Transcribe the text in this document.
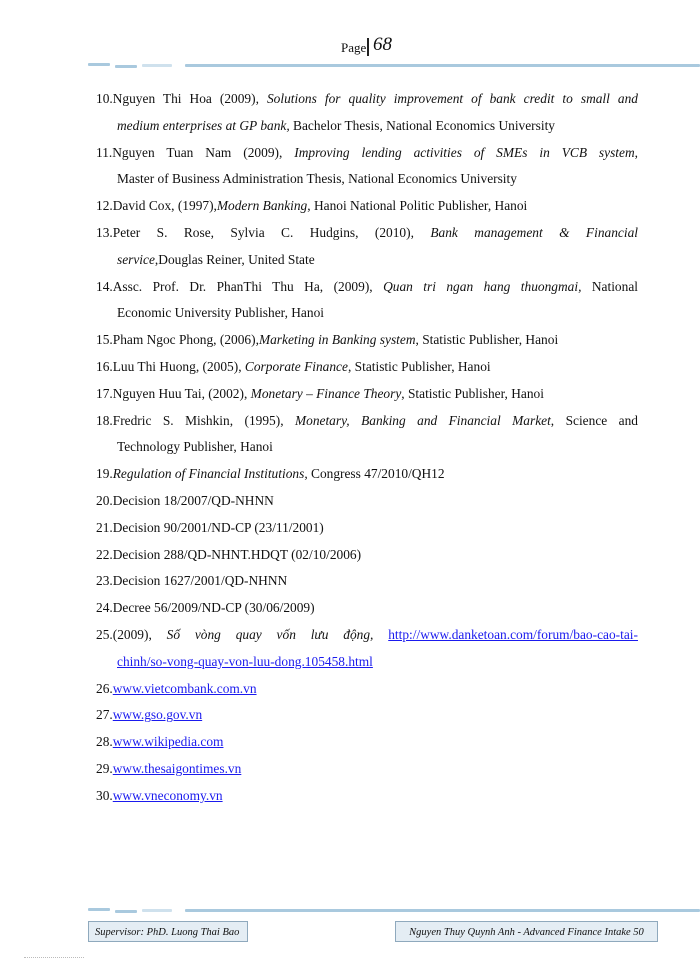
Page 68
10.Nguyen Thi Hoa (2009), Solutions for quality improvement of bank credit to small and
medium enterprises at GP bank, Bachelor Thesis, National Economics University
11.Nguyen Tuan Nam (2009), Improving lending activities of SMEs in VCB system,
Master of Business Administration Thesis, National Economics University
12.David Cox, (1997),Modern Banking, Hanoi National Politic Publisher, Hanoi
13.Peter S. Rose, Sylvia C. Hudgins, (2010), Bank management & Financial
service,Douglas Reiner, United State
14.Assc. Prof. Dr. PhanThi Thu Ha, (2009), Quan tri ngan hang thuongmai, National
Economic University Publisher, Hanoi
15.Pham Ngoc Phong, (2006),Marketing in Banking system, Statistic Publisher, Hanoi
16.Luu Thi Huong, (2005), Corporate Finance, Statistic Publisher, Hanoi
17.Nguyen Huu Tai, (2002), Monetary – Finance Theory, Statistic Publisher, Hanoi
18.Fredric S. Mishkin, (1995), Monetary, Banking and Financial Market, Science and
Technology Publisher, Hanoi
19.Regulation of Financial Institutions, Congress 47/2010/QH12
20.Decision 18/2007/QD-NHNN
21.Decision 90/2001/ND-CP (23/11/2001)
22.Decision 288/QD-NHNT.HDQT (02/10/2006)
23.Decision 1627/2001/QD-NHNN
24.Decree 56/2009/ND-CP (30/06/2009)
25.(2009), Số vòng quay vốn lưu động, http://www.danketoan.com/forum/bao-cao-tai-
chinh/so-vong-quay-von-luu-dong.105458.html
26.www.vietcombank.com.vn
27.www.gso.gov.vn
28.www.wikipedia.com
29.www.thesaigontimes.vn
30.www.vneconomy.vn
Supervisor: PhD. Luong Thai Bao	Nguyen Thuy Quynh Anh - Advanced Finance Intake 50
